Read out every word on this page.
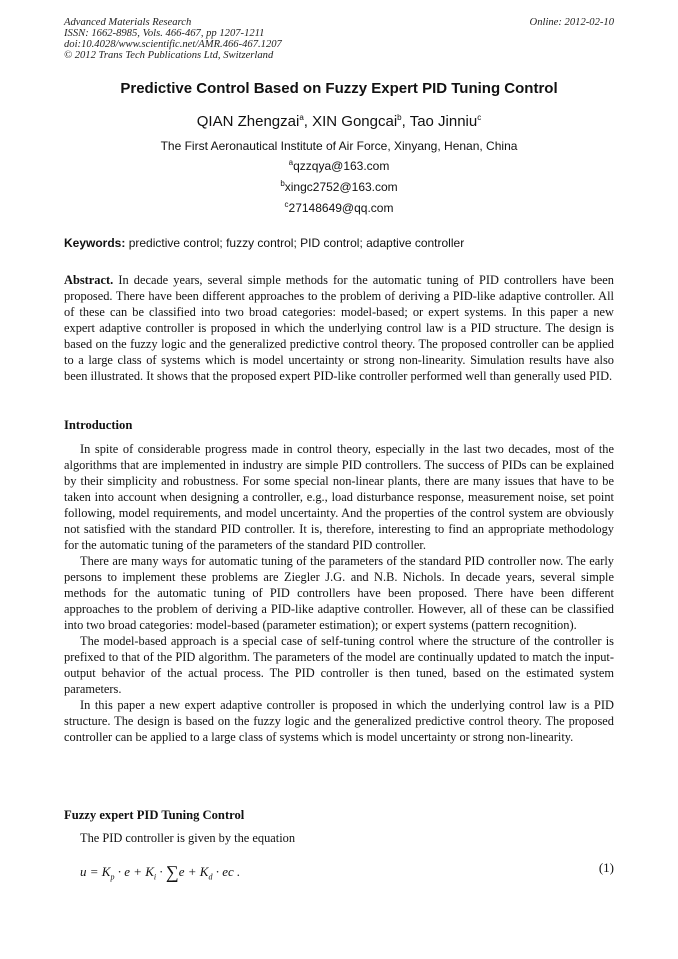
Advanced Materials Research
ISSN: 1662-8985, Vols. 466-467, pp 1207-1211
doi:10.4028/www.scientific.net/AMR.466-467.1207
© 2012 Trans Tech Publications Ltd, Switzerland
Online: 2012-02-10
Predictive Control Based on Fuzzy Expert PID Tuning Control
QIAN Zhengzai$^a$, XIN Gongcai$^b$, Tao Jinniu$^c$
The First Aeronautical Institute of Air Force, Xinyang, Henan, China
$^a$qzzqya@163.com
$^b$xingc2752@163.com
$^c$27148649@qq.com
Keywords: predictive control; fuzzy control; PID control; adaptive controller
Abstract. In decade years, several simple methods for the automatic tuning of PID controllers have been proposed. There have been different approaches to the problem of deriving a PID-like adaptive controller. All of these can be classified into two broad categories: model-based; or expert systems. In this paper a new expert adaptive controller is proposed in which the underlying control law is a PID structure. The design is based on the fuzzy logic and the generalized predictive control theory. The proposed controller can be applied to a large class of systems which is model uncertainty or strong non-linearity. Simulation results have also been illustrated. It shows that the proposed expert PID-like controller performed well than generally used PID.
Introduction

In spite of considerable progress made in control theory, especially in the last two decades, most of the algorithms that are implemented in industry are simple PID controllers. The success of PIDs can be explained by their simplicity and robustness. For some special non-linear plants, there are many issues that have to be taken into account when designing a controller, e.g., load disturbance response, measurement noise, set point following, model requirements, and model uncertainty. And the properties of the control system are obviously not satisfied with the standard PID controller. It is, therefore, interesting to find an appropriate methodology for the automatic tuning of the parameters of the standard PID controller.

There are many ways for automatic tuning of the parameters of the standard PID controller now. The early persons to implement these problems are Ziegler J.G. and N.B. Nichols. In decade years, several simple methods for the automatic tuning of PID controllers have been proposed. There have been different approaches to the problem of deriving a PID-like adaptive controller. However, all of these can be classified into two broad categories: model-based (parameter estimation); or expert systems (pattern recognition).

The model-based approach is a special case of self-tuning control where the structure of the controller is prefixed to that of the PID algorithm. The parameters of the model are continually updated to match the input-output behavior of the actual process. The PID controller is then tuned, based on the estimated system parameters.

In this paper a new expert adaptive controller is proposed in which the underlying control law is a PID structure. The design is based on the fuzzy logic and the generalized predictive control theory. The proposed controller can be applied to a large class of systems which is model uncertainty or strong non-linearity.

Fuzzy expert PID Tuning Control
The PID controller is given by the equation
$u = K_p \cdot e + K_i \cdot \sum e + K_d$ · ec .	(1)
